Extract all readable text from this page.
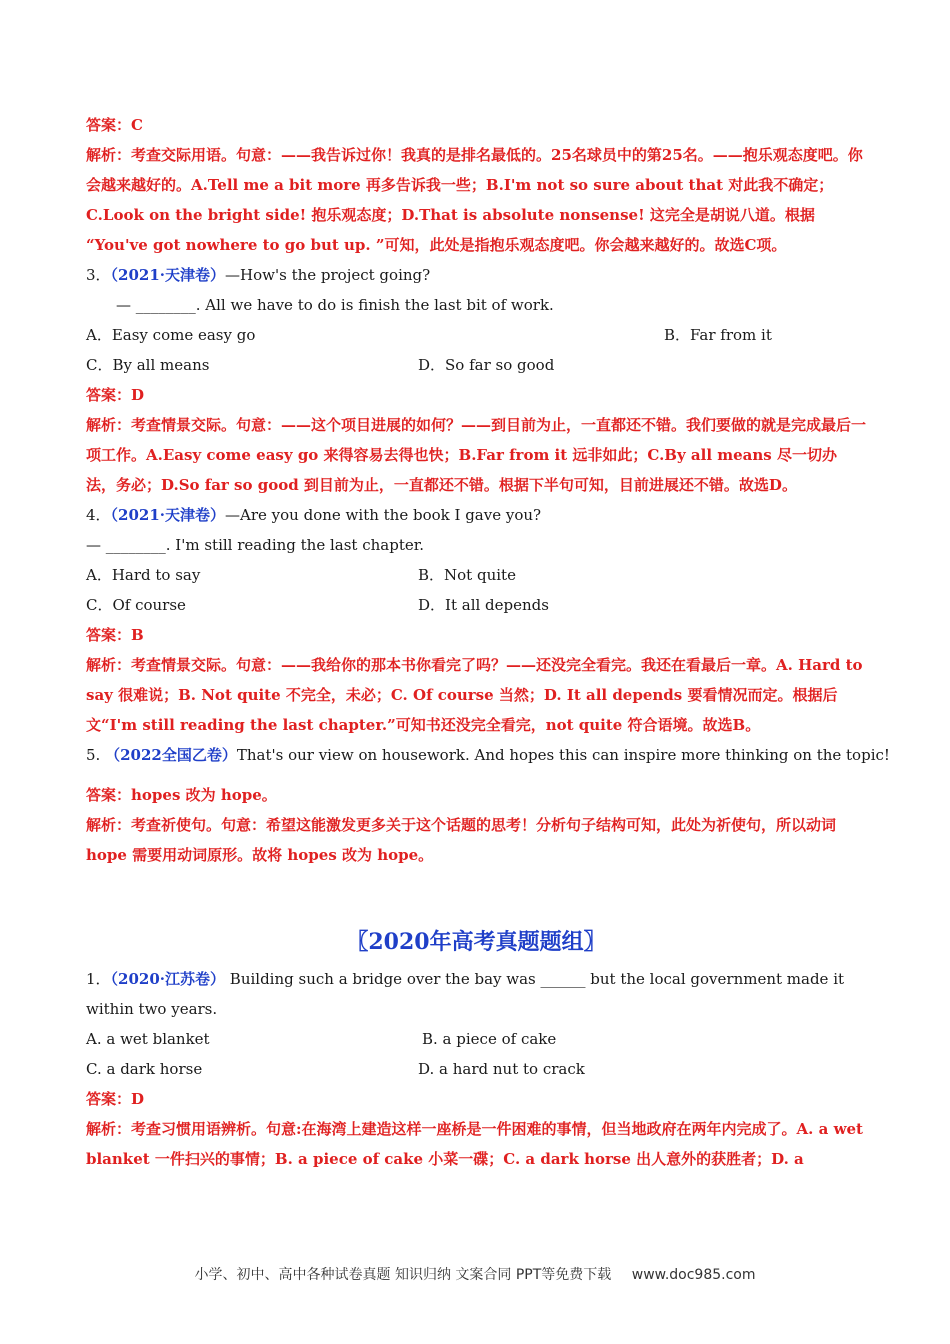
答案：C
解析：考查交际用语。句意：——我告诉过你！我真的是排名最低的。25名球员中的第25名。——抱乐观态度吧。你会越来越好的。A.Tell me a bit more 再多告诉我一些；B.I'm not so sure about that 对此我不确定；C.Look on the bright side! 抱乐观态度；D.That is absolute nonsense! 这完全是胡说八道。根据 “You've got nowhere to go but up. ”可知，此处是指抱乐观态度吧。你会越来越好的。故选C项。
3．（2021·天津卷）—How's the project going?
— ________. All we have to do is finish the last bit of work.
A．Easy come easy go	B．Far from it
C．By all means	D．So far so good
答案：D
解析：考查情景交际。句意：——这个项目进展的如何？——到目前为止，一直都还不错。我们要做的就是完成最后一项工作。A.Easy come easy go 来得容易去得也快；B.Far from it 远非如此；C.By all means 尽一切办法，务必；D.So far so good 到目前为止，一直都还不错。根据下半句可知，目前进展还不错。故选D。
4．（2021·天津卷）—Are you done with the book I gave you?
— ________. I'm still reading the last chapter.
A．Hard to say	B．Not quite
C．Of course	D．It all depends
答案：B
解析：考查情景交际。句意：——我给你的那本书你看完了吗？——还没完全看完。我还在看最后一章。A. Hard to say 很难说；B. Not quite 不完全，未必；C. Of course 当然；D. It all depends 要看情况而定。根据后文“I'm still reading the last chapter.”可知书还没完全看完，not quite 符合语境。故选B。
5. （2022全国乙卷）That's our view on housework. And hopes this can inspire more thinking on the topic!
答案：hopes 改为 hope。
解析：考查祈使句。句意：希望这能激发更多关于这个话题的思考！分析句子结构可知，此处为祈使句，所以动词 hope 需要用动词原形。故将 hopes 改为 hope。
〖2020年高考真题题组〗
1．（2020·江苏卷） Building such a bridge over the bay was ______ but the local government made it within two years.
A. a wet blanket	B. a piece of cake
C. a dark horse	D. a hard nut to crack
答案：D
解析：考查习惯用语辨析。句意:在海湾上建造这样一座桥是一件困难的事情，但当地政府在两年内完成了。A. a wet blanket 一件扫兴的事情；B. a piece of cake 小菜一碟；C. a dark horse 出人意外的获胜者；D. a
小学、初中、高中各种试卷真题 知识归纳 文案合同 PPT等免费下载 www.doc985.com
